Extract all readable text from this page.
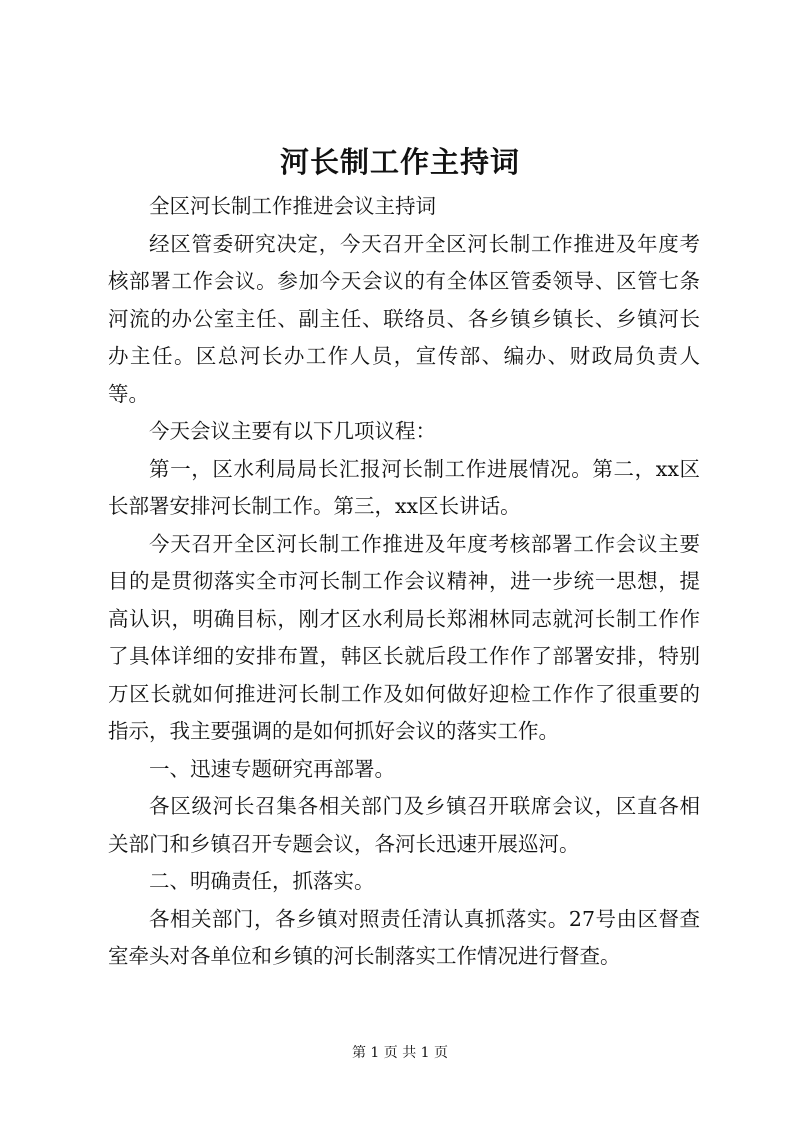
河长制工作主持词

全区河长制工作推进会议主持词

经区管委研究决定，今天召开全区河长制工作推进及年度考核部署工作会议。参加今天会议的有全体区管委领导、区管七条河流的办公室主任、副主任、联络员、各乡镇乡镇长、乡镇河长办主任。区总河长办工作人员，宣传部、编办、财政局负责人等。

今天会议主要有以下几项议程：

第一，区水利局局长汇报河长制工作进展情况。第二，xx区长部署安排河长制工作。第三，xx区长讲话。

今天召开全区河长制工作推进及年度考核部署工作会议主要目的是贯彻落实全市河长制工作会议精神，进一步统一思想，提高认识，明确目标，刚才区水利局长郑湘林同志就河长制工作作了具体详细的安排布置，韩区长就后段工作作了部署安排，特别万区长就如何推进河长制工作及如何做好迎检工作作了很重要的指示，我主要强调的是如何抓好会议的落实工作。

一、迅速专题研究再部署。

各区级河长召集各相关部门及乡镇召开联席会议，区直各相关部门和乡镇召开专题会议，各河长迅速开展巡河。

二、明确责任，抓落实。

各相关部门，各乡镇对照责任清认真抓落实。27号由区督查室牵头对各单位和乡镇的河长制落实工作情况进行督查。

第 1 页 共 1 页
